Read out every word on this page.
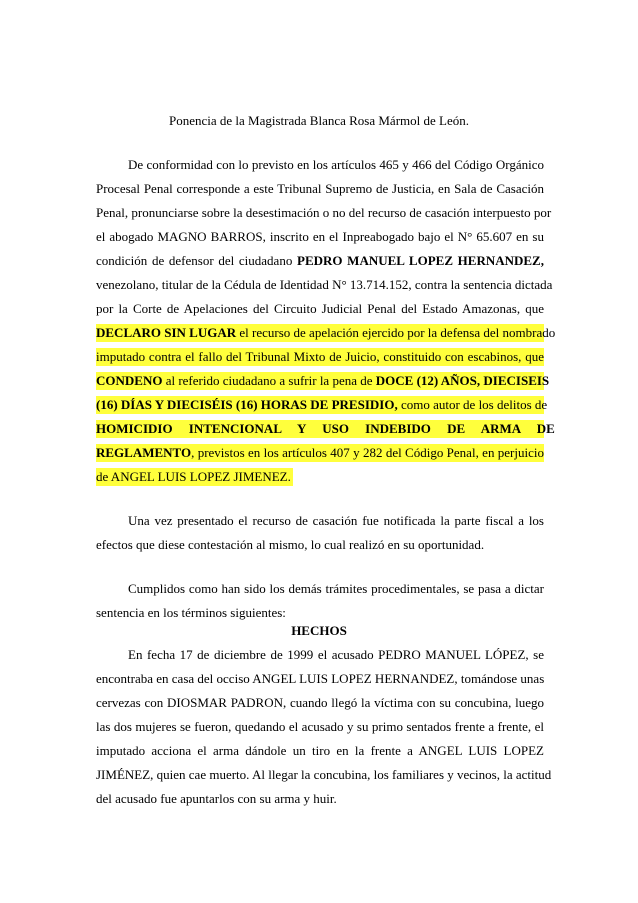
Ponencia de la Magistrada Blanca Rosa Mármol de León.
De conformidad con lo previsto en los artículos 465 y 466 del Código Orgánico
Procesal Penal corresponde a este Tribunal Supremo de Justicia, en Sala de Casación
Penal, pronunciarse sobre la desestimación o no del recurso de casación interpuesto por
el abogado MAGNO BARROS, inscrito en el Inpreabogado bajo el N° 65.607 en su
condición de defensor del ciudadano PEDRO MANUEL LOPEZ HERNANDEZ,
venezolano, titular de la Cédula de Identidad N° 13.714.152, contra la sentencia dictada
por la Corte de Apelaciones del Circuito Judicial Penal del Estado Amazonas, que
DECLARO SIN LUGAR el recurso de apelación ejercido por la defensa del nombrado
imputado contra el fallo del Tribunal Mixto de Juicio, constituido con escabinos, que
CONDENO al referido ciudadano a sufrir la pena de DOCE (12) AÑOS, DIECISEIS
(16) DÍAS Y DIECISÉIS (16) HORAS DE PRESIDIO, como autor de los delitos de
HOMICIDIO     INTENCIONAL     Y     USO     INDEBIDO     DE     ARMA     DE
REGLAMENTO, previstos en los artículos 407 y 282 del Código Penal, en perjuicio
de ANGEL LUIS LOPEZ JIMENEZ.
Una vez presentado el recurso de casación fue notificada la parte fiscal a los
efectos que diese contestación al mismo, lo cual realizó en su oportunidad.
Cumplidos como han sido los demás trámites procedimentales, se pasa a dictar
sentencia en los términos siguientes:
HECHOS
En fecha 17 de diciembre de 1999 el acusado PEDRO MANUEL LÓPEZ, se
encontraba en casa del occiso ANGEL LUIS LOPEZ HERNANDEZ, tomándose unas
cervezas con DIOSMAR PADRON, cuando llegó la víctima con su concubina, luego
las dos mujeres se fueron, quedando el acusado y su primo sentados frente a frente, el
imputado acciona el arma dándole un tiro en la frente a ANGEL LUIS LOPEZ
JIMÉNEZ, quien cae muerto. Al llegar la concubina, los familiares y vecinos, la actitud
del acusado fue apuntarlos con su arma y huir.
